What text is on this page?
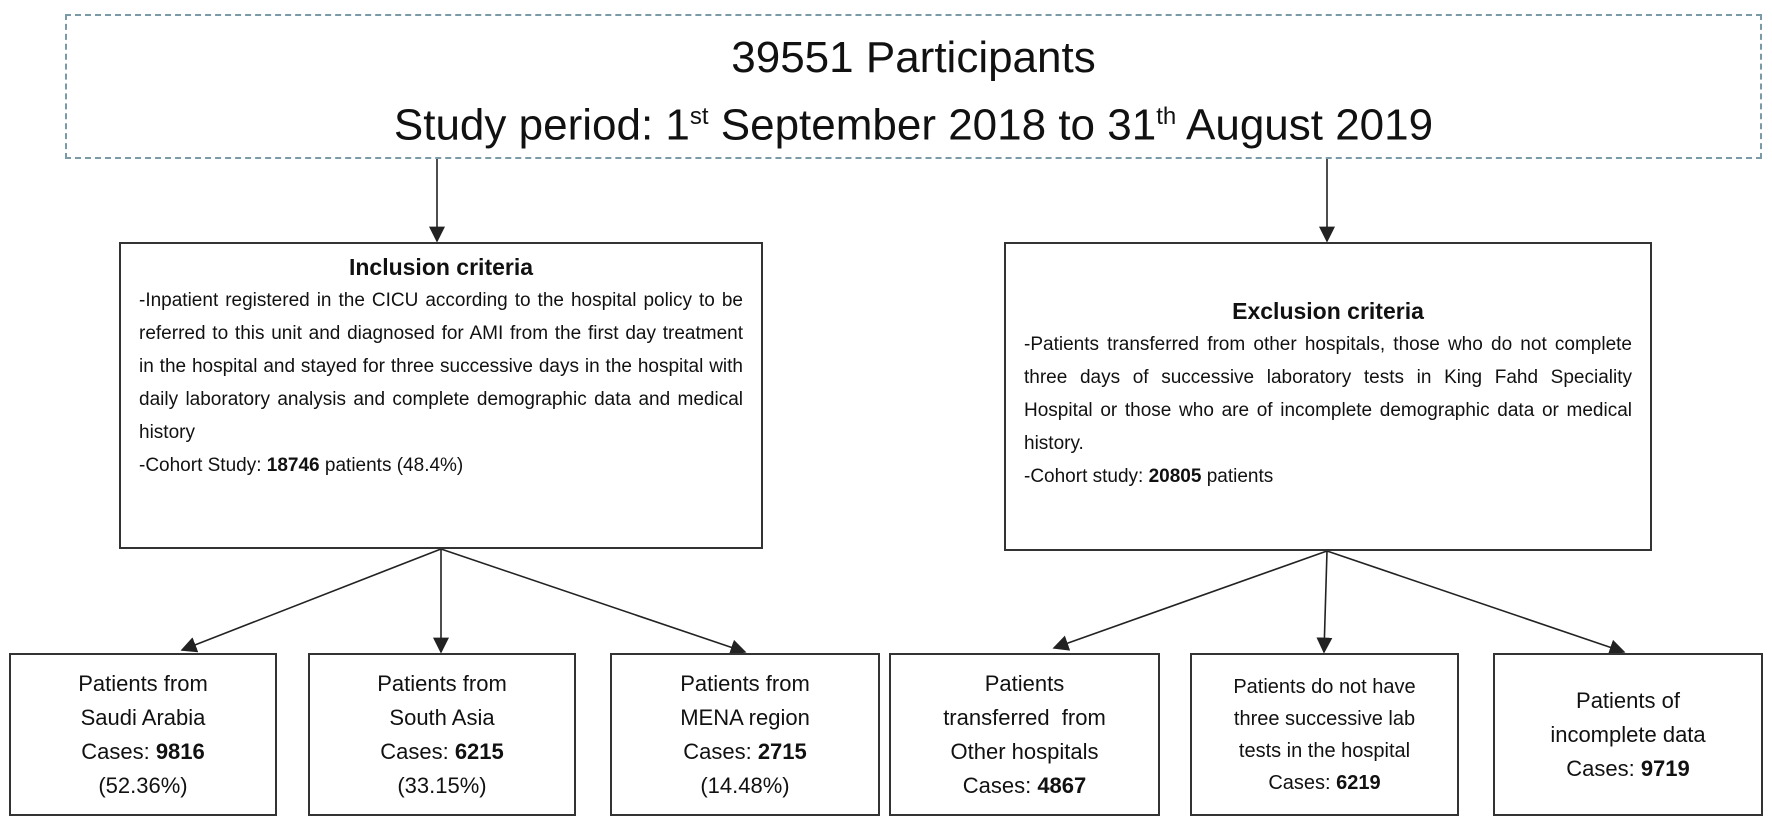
39551 Participants
Study period: 1st September 2018 to 31th August 2019
Inclusion criteria

-Inpatient registered in the CICU according to the hospital policy to be referred to this unit and diagnosed for AMI from the first day treatment in the hospital and stayed for three successive days in the hospital with daily laboratory analysis and complete demographic data and medical history

-Cohort Study: 18746 patients (48.4%)

Exclusion criteria

-Patients transferred from other hospitals, those who do not complete three days of successive laboratory tests in King Fahd Speciality Hospital or those who are of incomplete demographic data or medical history.

-Cohort study: 20805 patients

Patients from
Saudi Arabia
Cases: 9816
(52.36%)
Patients from
South Asia
Cases: 6215
(33.15%)
Patients from
MENA region
Cases: 2715
(14.48%)
Patients
transferred  from
Other hospitals
Cases: 4867
Patients do not have
three successive lab
tests in the hospital
Cases: 6219
Patients of
incomplete data
Cases: 9719
